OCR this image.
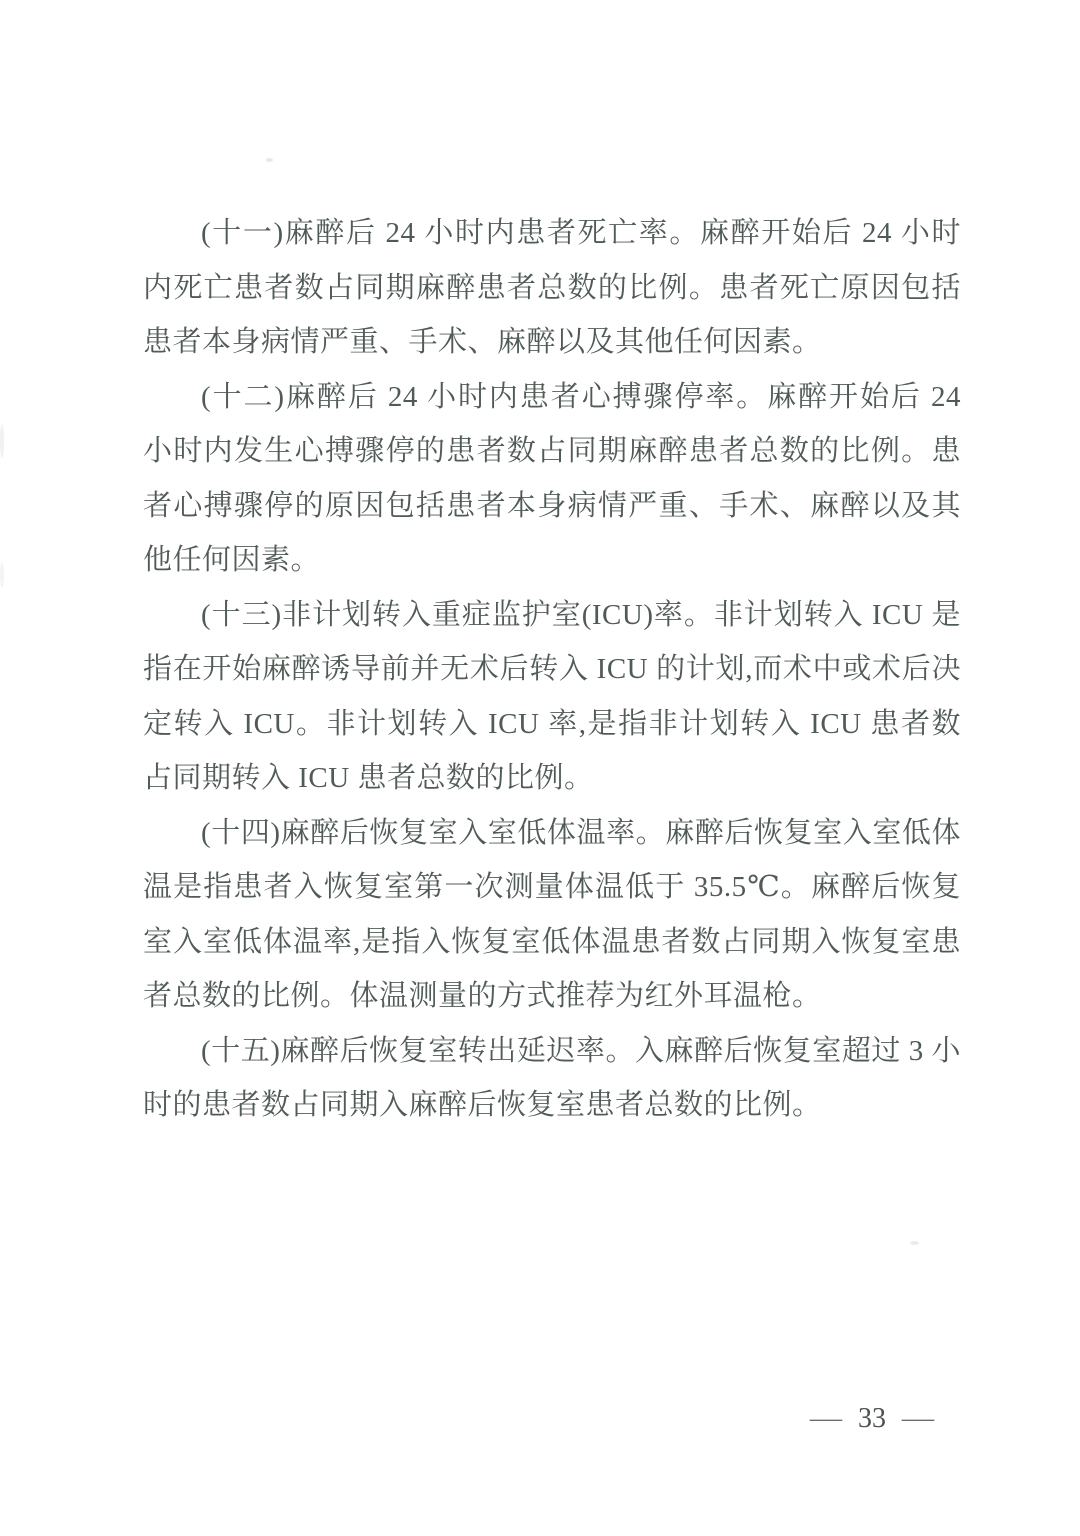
(十一)麻醉后 24 小时内患者死亡率。麻醉开始后 24 小时内死亡患者数占同期麻醉患者总数的比例。患者死亡原因包括患者本身病情严重、手术、麻醉以及其他任何因素。

(十二)麻醉后 24 小时内患者心搏骤停率。麻醉开始后 24 小时内发生心搏骤停的患者数占同期麻醉患者总数的比例。患者心搏骤停的原因包括患者本身病情严重、手术、麻醉以及其他任何因素。

(十三)非计划转入重症监护室(ICU)率。非计划转入 ICU 是指在开始麻醉诱导前并无术后转入 ICU 的计划,而术中或术后决定转入 ICU。非计划转入 ICU 率,是指非计划转入 ICU 患者数占同期转入 ICU 患者总数的比例。

(十四)麻醉后恢复室入室低体温率。麻醉后恢复室入室低体温是指患者入恢复室第一次测量体温低于 35.5℃。麻醉后恢复室入室低体温率,是指入恢复室低体温患者数占同期入恢复室患者总数的比例。体温测量的方式推荐为红外耳温枪。

(十五)麻醉后恢复室转出延迟率。入麻醉后恢复室超过 3 小时的患者数占同期入麻醉后恢复室患者总数的比例。

— 33 —
